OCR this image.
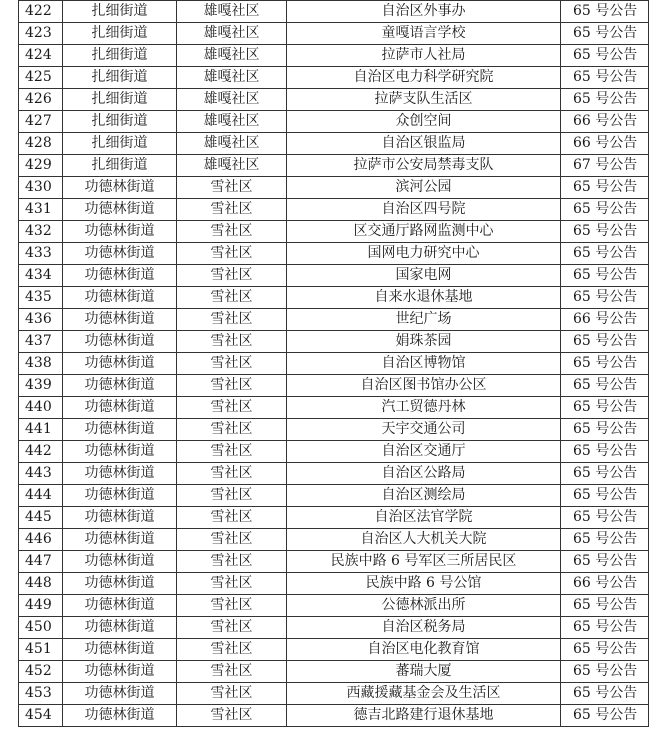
422	扎细街道	雄嘎社区	自治区外事办	65 号公告
423	扎细街道	雄嘎社区	童嘎语言学校	65 号公告
424	扎细街道	雄嘎社区	拉萨市人社局	65 号公告
425	扎细街道	雄嘎社区	自治区电力科学研究院	65 号公告
426	扎细街道	雄嘎社区	拉萨支队生活区	65 号公告
427	扎细街道	雄嘎社区	众创空间	66 号公告
428	扎细街道	雄嘎社区	自治区银监局	66 号公告
429	扎细街道	雄嘎社区	拉萨市公安局禁毒支队	67 号公告
430	功德林街道	雪社区	滨河公园	65 号公告
431	功德林街道	雪社区	自治区四号院	65 号公告
432	功德林街道	雪社区	区交通厅路网监测中心	65 号公告
433	功德林街道	雪社区	国网电力研究中心	65 号公告
434	功德林街道	雪社区	国家电网	65 号公告
435	功德林街道	雪社区	自来水退休基地	65 号公告
436	功德林街道	雪社区	世纪广场	66 号公告
437	功德林街道	雪社区	娟珠茶园	65 号公告
438	功德林街道	雪社区	自治区博物馆	65 号公告
439	功德林街道	雪社区	自治区图书馆办公区	65 号公告
440	功德林街道	雪社区	汽工贸德丹林	65 号公告
441	功德林街道	雪社区	天宇交通公司	65 号公告
442	功德林街道	雪社区	自治区交通厅	65 号公告
443	功德林街道	雪社区	自治区公路局	65 号公告
444	功德林街道	雪社区	自治区测绘局	65 号公告
445	功德林街道	雪社区	自治区法官学院	65 号公告
446	功德林街道	雪社区	自治区人大机关大院	65 号公告
447	功德林街道	雪社区	民族中路 6 号军区三所居民区	65 号公告
448	功德林街道	雪社区	民族中路 6 号公馆	66 号公告
449	功德林街道	雪社区	公德林派出所	65 号公告
450	功德林街道	雪社区	自治区税务局	65 号公告
451	功德林街道	雪社区	自治区电化教育馆	65 号公告
452	功德林街道	雪社区	蕃瑞大厦	65 号公告
453	功德林街道	雪社区	西藏援藏基金会及生活区	65 号公告
454	功德林街道	雪社区	德吉北路建行退休基地	65 号公告
